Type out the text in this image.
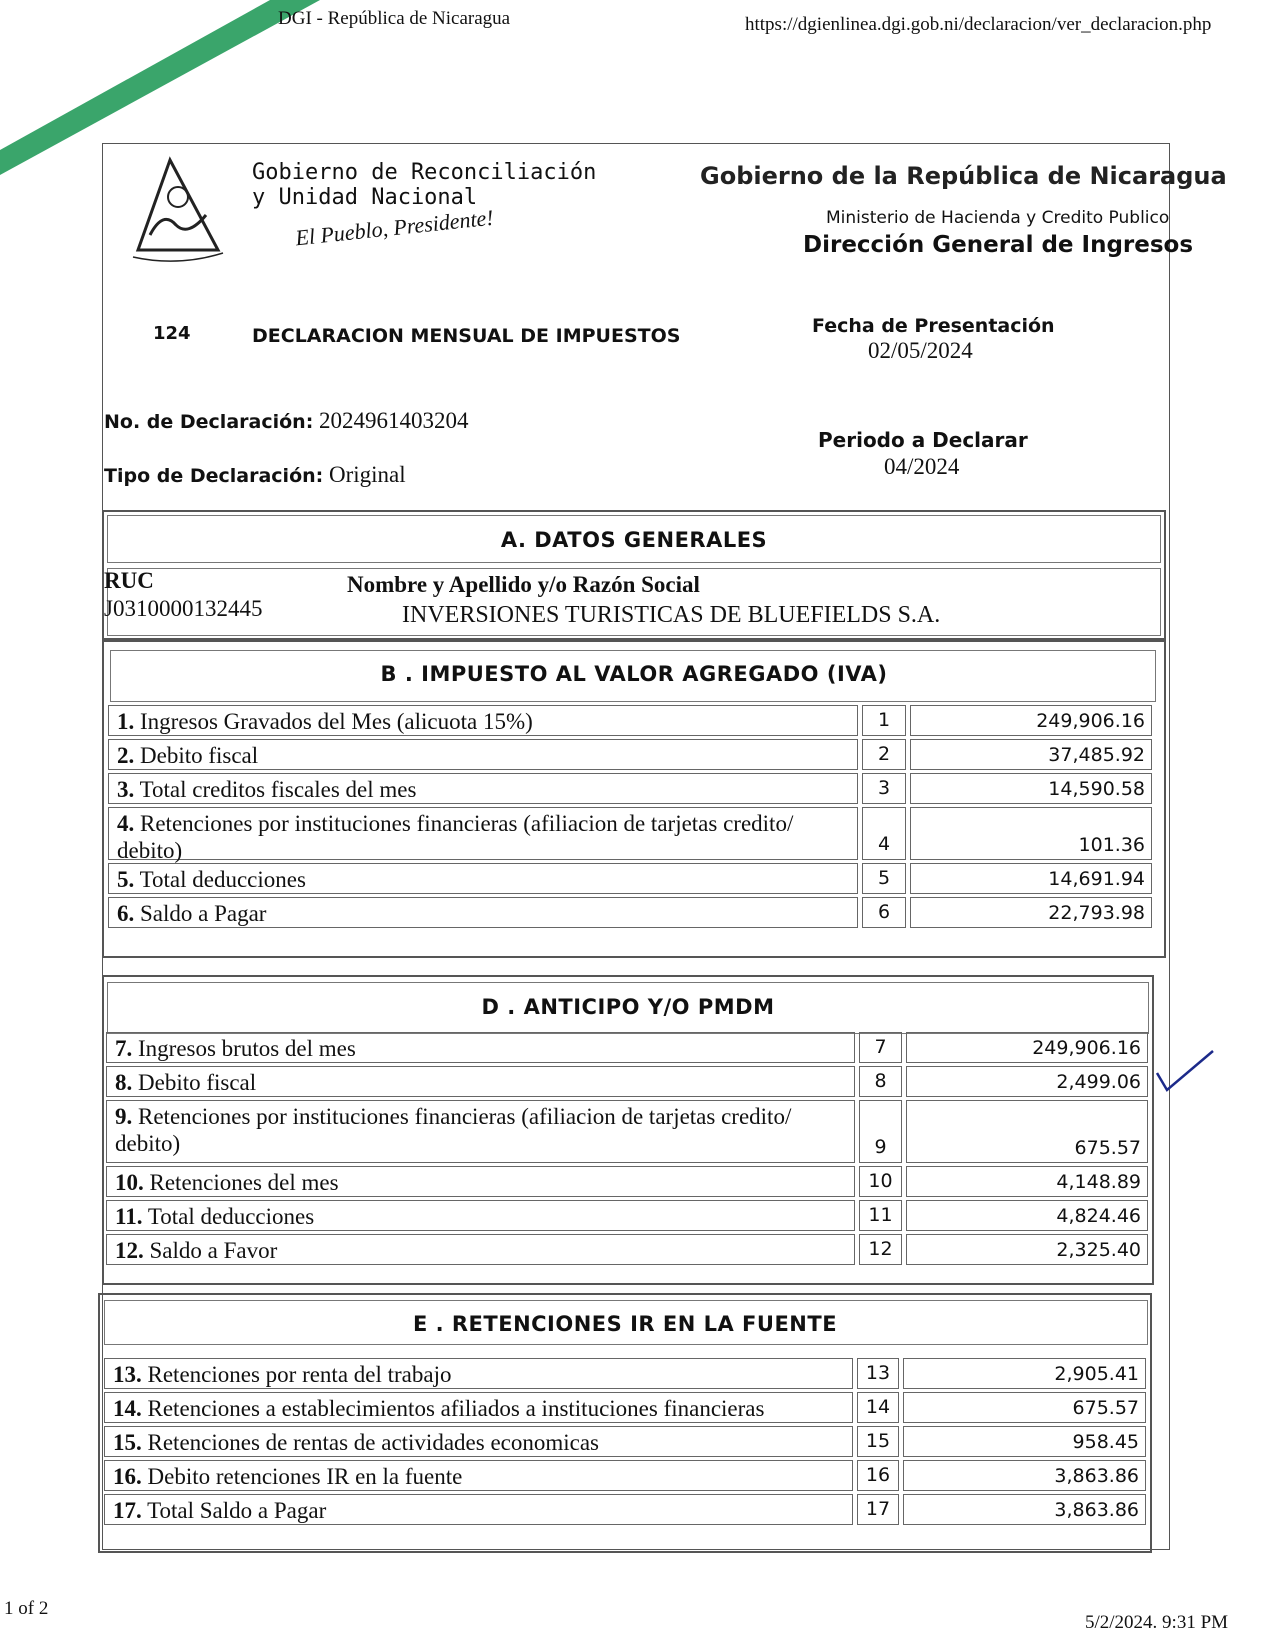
DGI - República de Nicaragua	https://dgienlinea.dgi.gob.ni/declaracion/ver_declaracion.php
Gobierno de Reconciliación
y Unidad Nacional
El Pueblo, Presidente!
Gobierno de la República de Nicaragua
Ministerio de Hacienda y Credito Publico
Dirección General de Ingresos
124	DECLARACION MENSUAL DE IMPUESTOS	Fecha de Presentación
02/05/2024
No. de Declaración: 2024961403204
Periodo a Declarar
04/2024
Tipo de Declaración: Original
A. DATOS GENERALES
RUC
J0310000132445
Nombre y Apellido y/o Razón Social
INVERSIONES TURISTICAS DE BLUEFIELDS S.A.
B . IMPUESTO AL VALOR AGREGADO (IVA)
1. Ingresos Gravados del Mes (alicuota 15%)	1	249,906.16
2. Debito fiscal	2	37,485.92
3. Total creditos fiscales del mes	3	14,590.58
4. Retenciones por instituciones financieras (afiliacion de tarjetas credito/ debito)	4	101.36
5. Total deducciones	5	14,691.94
6. Saldo a Pagar	6	22,793.98
D . ANTICIPO Y/O PMDM
7. Ingresos brutos del mes	7	249,906.16
8. Debito fiscal	8	2,499.06
9. Retenciones por instituciones financieras (afiliacion de tarjetas credito/ debito)	9	675.57
10. Retenciones del mes	10	4,148.89
11. Total deducciones	11	4,824.46
12. Saldo a Favor	12	2,325.40
E . RETENCIONES IR EN LA FUENTE
13. Retenciones por renta del trabajo	13	2,905.41
14. Retenciones a establecimientos afiliados a instituciones financieras	14	675.57
15. Retenciones de rentas de actividades economicas	15	958.45
16. Debito retenciones IR en la fuente	16	3,863.86
17. Total Saldo a Pagar	17	3,863.86
1 of 2
5/2/2024. 9:31 PM
